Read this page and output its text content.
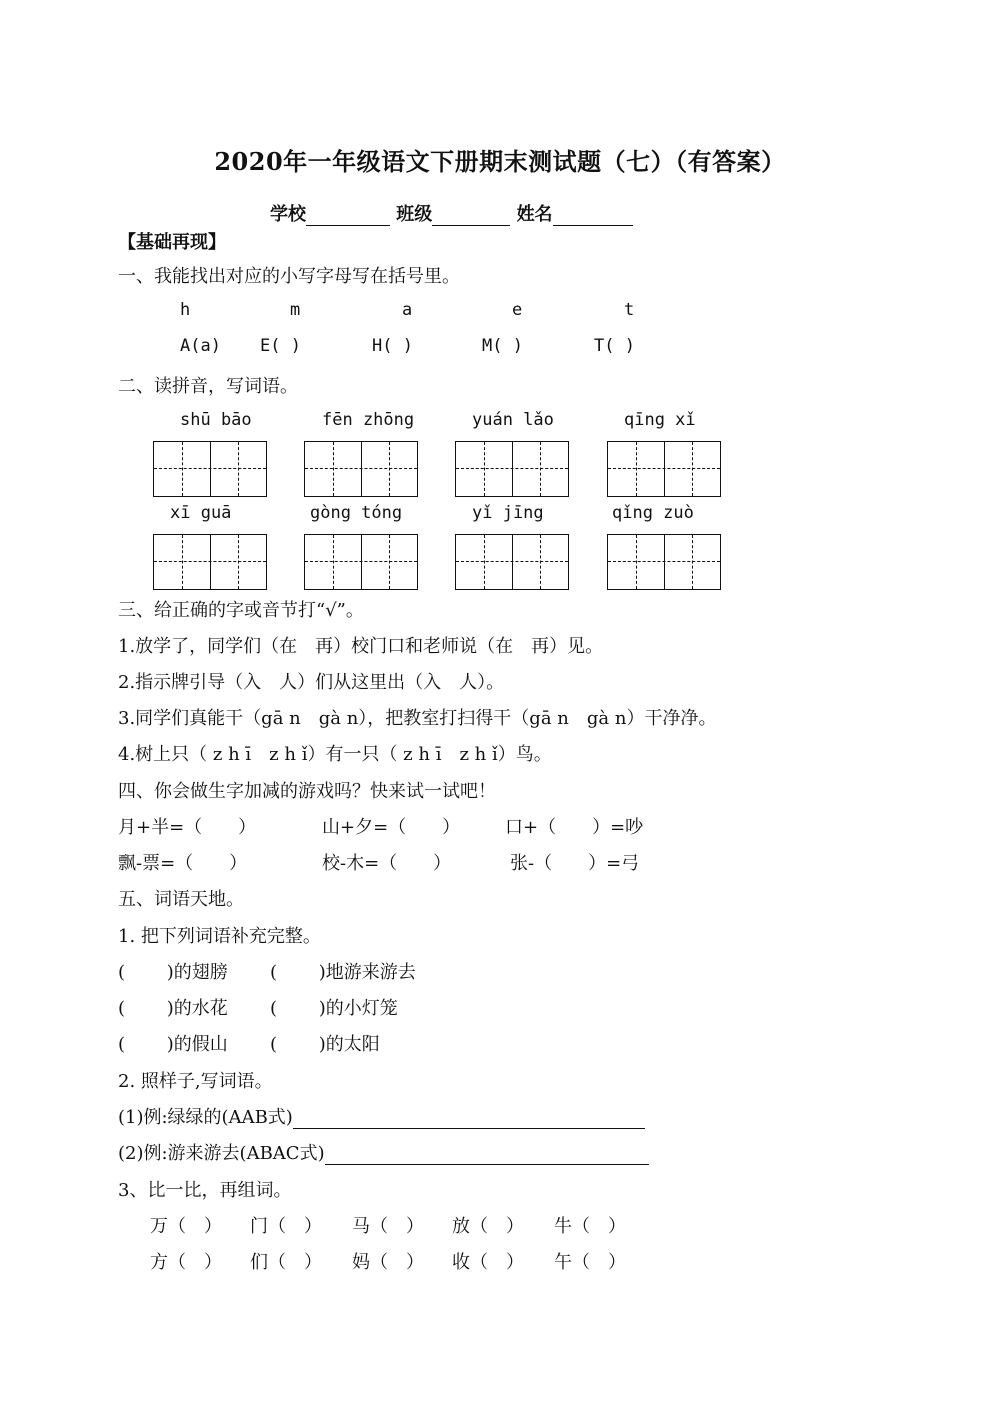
2020年一年级语文下册期末测试题（七）（有答案）
学校	班级	姓名
【基础再现】
一、我能找出对应的小写字母写在括号里。
h	m	a	e	t
A(a) E( )	H( )	M( )	T( )
二、读拼音，写词语。
shū bāo	fēn zhōng	yuán lǎo	qīng xǐ
xī guā	gòng tóng	yǐ jīng	qǐng zuò
三、给正确的字或音节打“√”。
1.放学了，同学们（在　再）校门口和老师说（在　再）见。
2.指示牌引导（入　人）们从这里出（入　人）。
3.同学们真能干（gā n　gà n），把教室打扫得干（gā n　gà n）干净净。
4.树上只（ z h ī　z h ǐ）有一只（ z h ī　z h ǐ）鸟。
四、你会做生字加减的游戏吗？快来试一试吧！
月+半=（　　）	山+夕=（　　） 口+（　　）=吵
飘-票=（　　）	校-木=（　　）	张-（　　）=弓
五、词语天地。
1. 把下列词语补充完整。
(　　 )的翅膀 (　　 )地游来游去
(　　 )的水花 (　　 )的小灯笼
(　　 )的假山 (　　 )的太阳
2. 照样子,写词语。
(1)例:绿绿的(AAB式)
(2)例:游来游去(ABAC式)
3、比一比，再组词。
万（　） 门（　） 马（　） 放（　） 牛（　）
方（　） 们（　） 妈（　） 收（　） 午（　）
